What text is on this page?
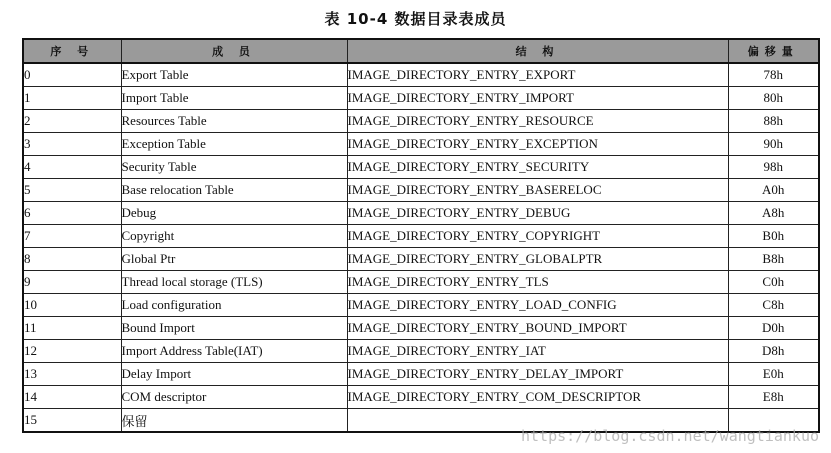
表 10-4 数据目录表成员
序 号	成 员	结 构	偏移量
0	Export Table	IMAGE_DIRECTORY_ENTRY_EXPORT	78h
1	Import Table	IMAGE_DIRECTORY_ENTRY_IMPORT	80h
2	Resources Table	IMAGE_DIRECTORY_ENTRY_RESOURCE	88h
3	Exception Table	IMAGE_DIRECTORY_ENTRY_EXCEPTION	90h
4	Security Table	IMAGE_DIRECTORY_ENTRY_SECURITY	98h
5	Base relocation Table	IMAGE_DIRECTORY_ENTRY_BASERELOC	A0h
6	Debug	IMAGE_DIRECTORY_ENTRY_DEBUG	A8h
7	Copyright	IMAGE_DIRECTORY_ENTRY_COPYRIGHT	B0h
8	Global Ptr	IMAGE_DIRECTORY_ENTRY_GLOBALPTR	B8h
9	Thread local storage (TLS)	IMAGE_DIRECTORY_ENTRY_TLS	C0h
10	Load configuration	IMAGE_DIRECTORY_ENTRY_LOAD_CONFIG	C8h
11	Bound Import	IMAGE_DIRECTORY_ENTRY_BOUND_IMPORT	D0h
12	Import Address Table(IAT)	IMAGE_DIRECTORY_ENTRY_IAT	D8h
13	Delay Import	IMAGE_DIRECTORY_ENTRY_DELAY_IMPORT	E0h
14	COM descriptor	IMAGE_DIRECTORY_ENTRY_COM_DESCRIPTOR	E8h
15	保留		
https://blog.csdn.net/wangtiankuo
